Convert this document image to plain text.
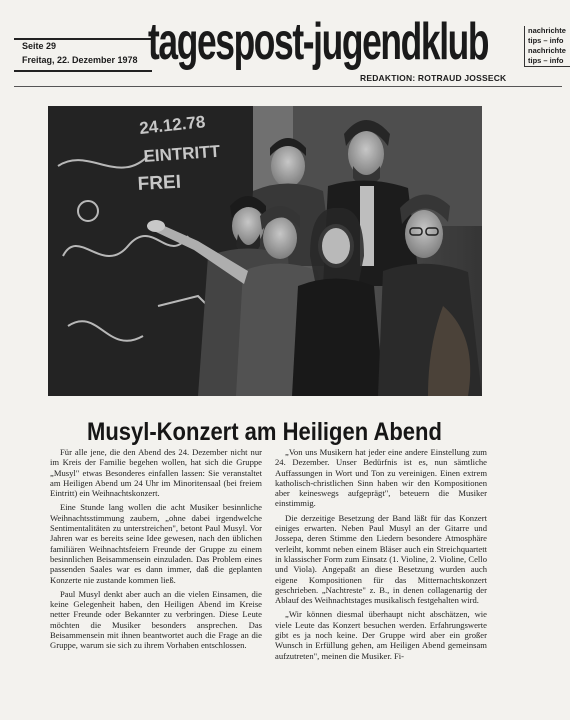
Seite 29
Freitag, 22. Dezember 1978 tagespost-jugendklub	nachrichte
tips – info
nachrichte
tips – info
REDAKTION: ROTRAUD JOSSECK
24.12.78
EINTRITT
FREI
Musyl-Konzert am Heiligen Abend

Für alle jene, die den Abend des 24. Dezember nicht nur im Kreis der Familie begehen wollen, hat sich die Gruppe „Musyl" etwas Besonderes einfallen lassen: Sie veranstaltet am Heiligen Abend um 24 Uhr im Minoritensaal (bei freiem Eintritt) ein Weihnachtskonzert.

Eine Stunde lang wollen die acht Musiker besinnliche Weihnachtsstimmung zaubern, „ohne dabei irgendwelche Sentimentalitäten zu unterstreichen", betont Paul Musyl. Vor Jahren war es bereits seine Idee gewesen, nach den üblichen familiären Weihnachtsfeiern Freunde der Gruppe zu einem besinnlichen Beisammensein einzuladen. Das Problem eines passenden Saales war es dann immer, daß die geplanten Konzerte nie zustande kommen ließ.

Paul Musyl denkt aber auch an die vielen Einsamen, die keine Gelegenheit haben, den Heiligen Abend im Kreise netter Freunde oder Bekannter zu verbringen. Diese Leute möchten die Musiker besonders ansprechen. Das Beisammensein mit ihnen beantwortet auch die Frage an die Gruppe, warum sie sich zu ihrem Vorhaben entschlossen.

„Von uns Musikern hat jeder eine andere Einstellung zum 24. Dezember. Unser Bedürfnis ist es, nun sämtliche Auffassungen in Wort und Ton zu vereinigen. Einen extrem katholisch-christlichen Sinn haben wir den Kompositionen aber keineswegs aufgeprägt", beteuern die Musiker einstimmig.

Die derzeitige Besetzung der Band läßt für das Konzert einiges erwarten. Neben Paul Musyl an der Gitarre und Jossepa, deren Stimme den Liedern besondere Atmosphäre verleiht, kommt neben einem Bläser auch ein Streichquartett in klassischer Form zum Einsatz (1. Violine, 2. Violine, Cello und Viola). Angepaßt an diese Besetzung wurden auch eigene Kompositionen für das Mitternachtskonzert geschrieben. „Nachtreste" z. B., in denen collagenartig der Ablauf des Weihnachtstages musikalisch festgehalten wird.

„Wir können diesmal überhaupt nicht abschätzen, wie viele Leute das Konzert besuchen werden. Erfahrungswerte gibt es ja noch keine. Der Gruppe wird aber ein großer Wunsch in Erfüllung gehen, am Heiligen Abend gemeinsam aufzutreten", meinen die Musiker. Fi-
